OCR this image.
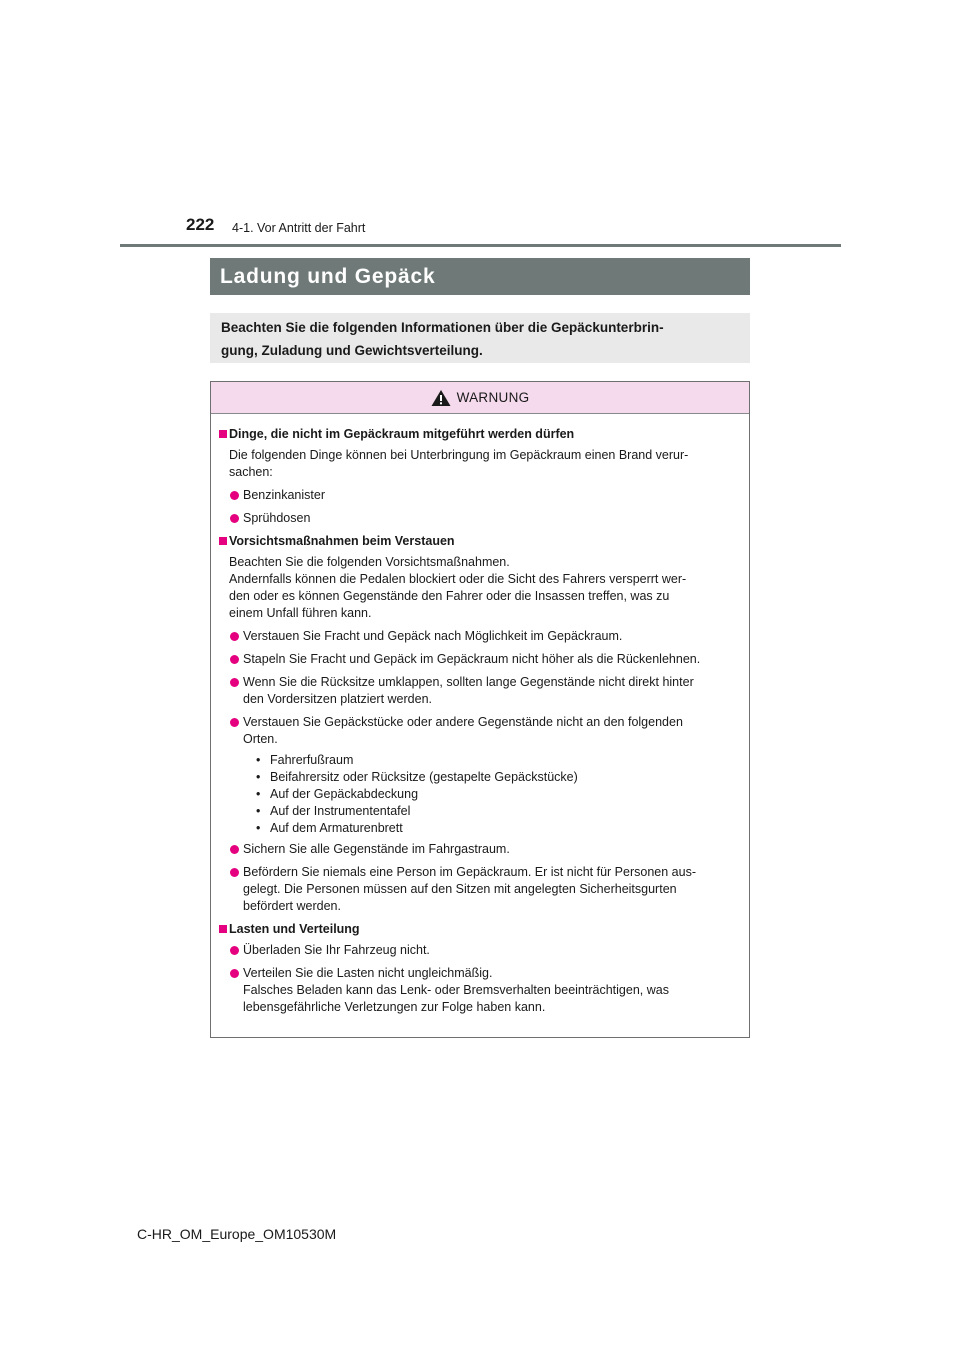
222 4-1. Vor Antritt der Fahrt
Ladung und Gepäck
Beachten Sie die folgenden Informationen über die Gepäckunterbrin-
gung, Zuladung und Gewichtsverteilung.
WARNUNG
Dinge, die nicht im Gepäckraum mitgeführt werden dürfen
Die folgenden Dinge können bei Unterbringung im Gepäckraum einen Brand verur-
sachen:
Benzinkanister
Sprühdosen
Vorsichtsmaßnahmen beim Verstauen
Beachten Sie die folgenden Vorsichtsmaßnahmen.
Andernfalls können die Pedalen blockiert oder die Sicht des Fahrers versperrt wer-
den oder es können Gegenstände den Fahrer oder die Insassen treffen, was zu
einem Unfall führen kann.
Verstauen Sie Fracht und Gepäck nach Möglichkeit im Gepäckraum.
Stapeln Sie Fracht und Gepäck im Gepäckraum nicht höher als die Rückenlehnen.
Wenn Sie die Rücksitze umklappen, sollten lange Gegenstände nicht direkt hinter
den Vordersitzen platziert werden.
Verstauen Sie Gepäckstücke oder andere Gegenstände nicht an den folgenden
Orten.
• Fahrerfußraum
• Beifahrersitz oder Rücksitze (gestapelte Gepäckstücke)
• Auf der Gepäckabdeckung
• Auf der Instrumententafel
• Auf dem Armaturenbrett
Sichern Sie alle Gegenstände im Fahrgastraum.
Befördern Sie niemals eine Person im Gepäckraum. Er ist nicht für Personen aus-
gelegt. Die Personen müssen auf den Sitzen mit angelegten Sicherheitsgurten
befördert werden.
Lasten und Verteilung
Überladen Sie Ihr Fahrzeug nicht.
Verteilen Sie die Lasten nicht ungleichmäßig.
Falsches Beladen kann das Lenk- oder Bremsverhalten beeinträchtigen, was
lebensgefährliche Verletzungen zur Folge haben kann.
C-HR_OM_Europe_OM10530M
